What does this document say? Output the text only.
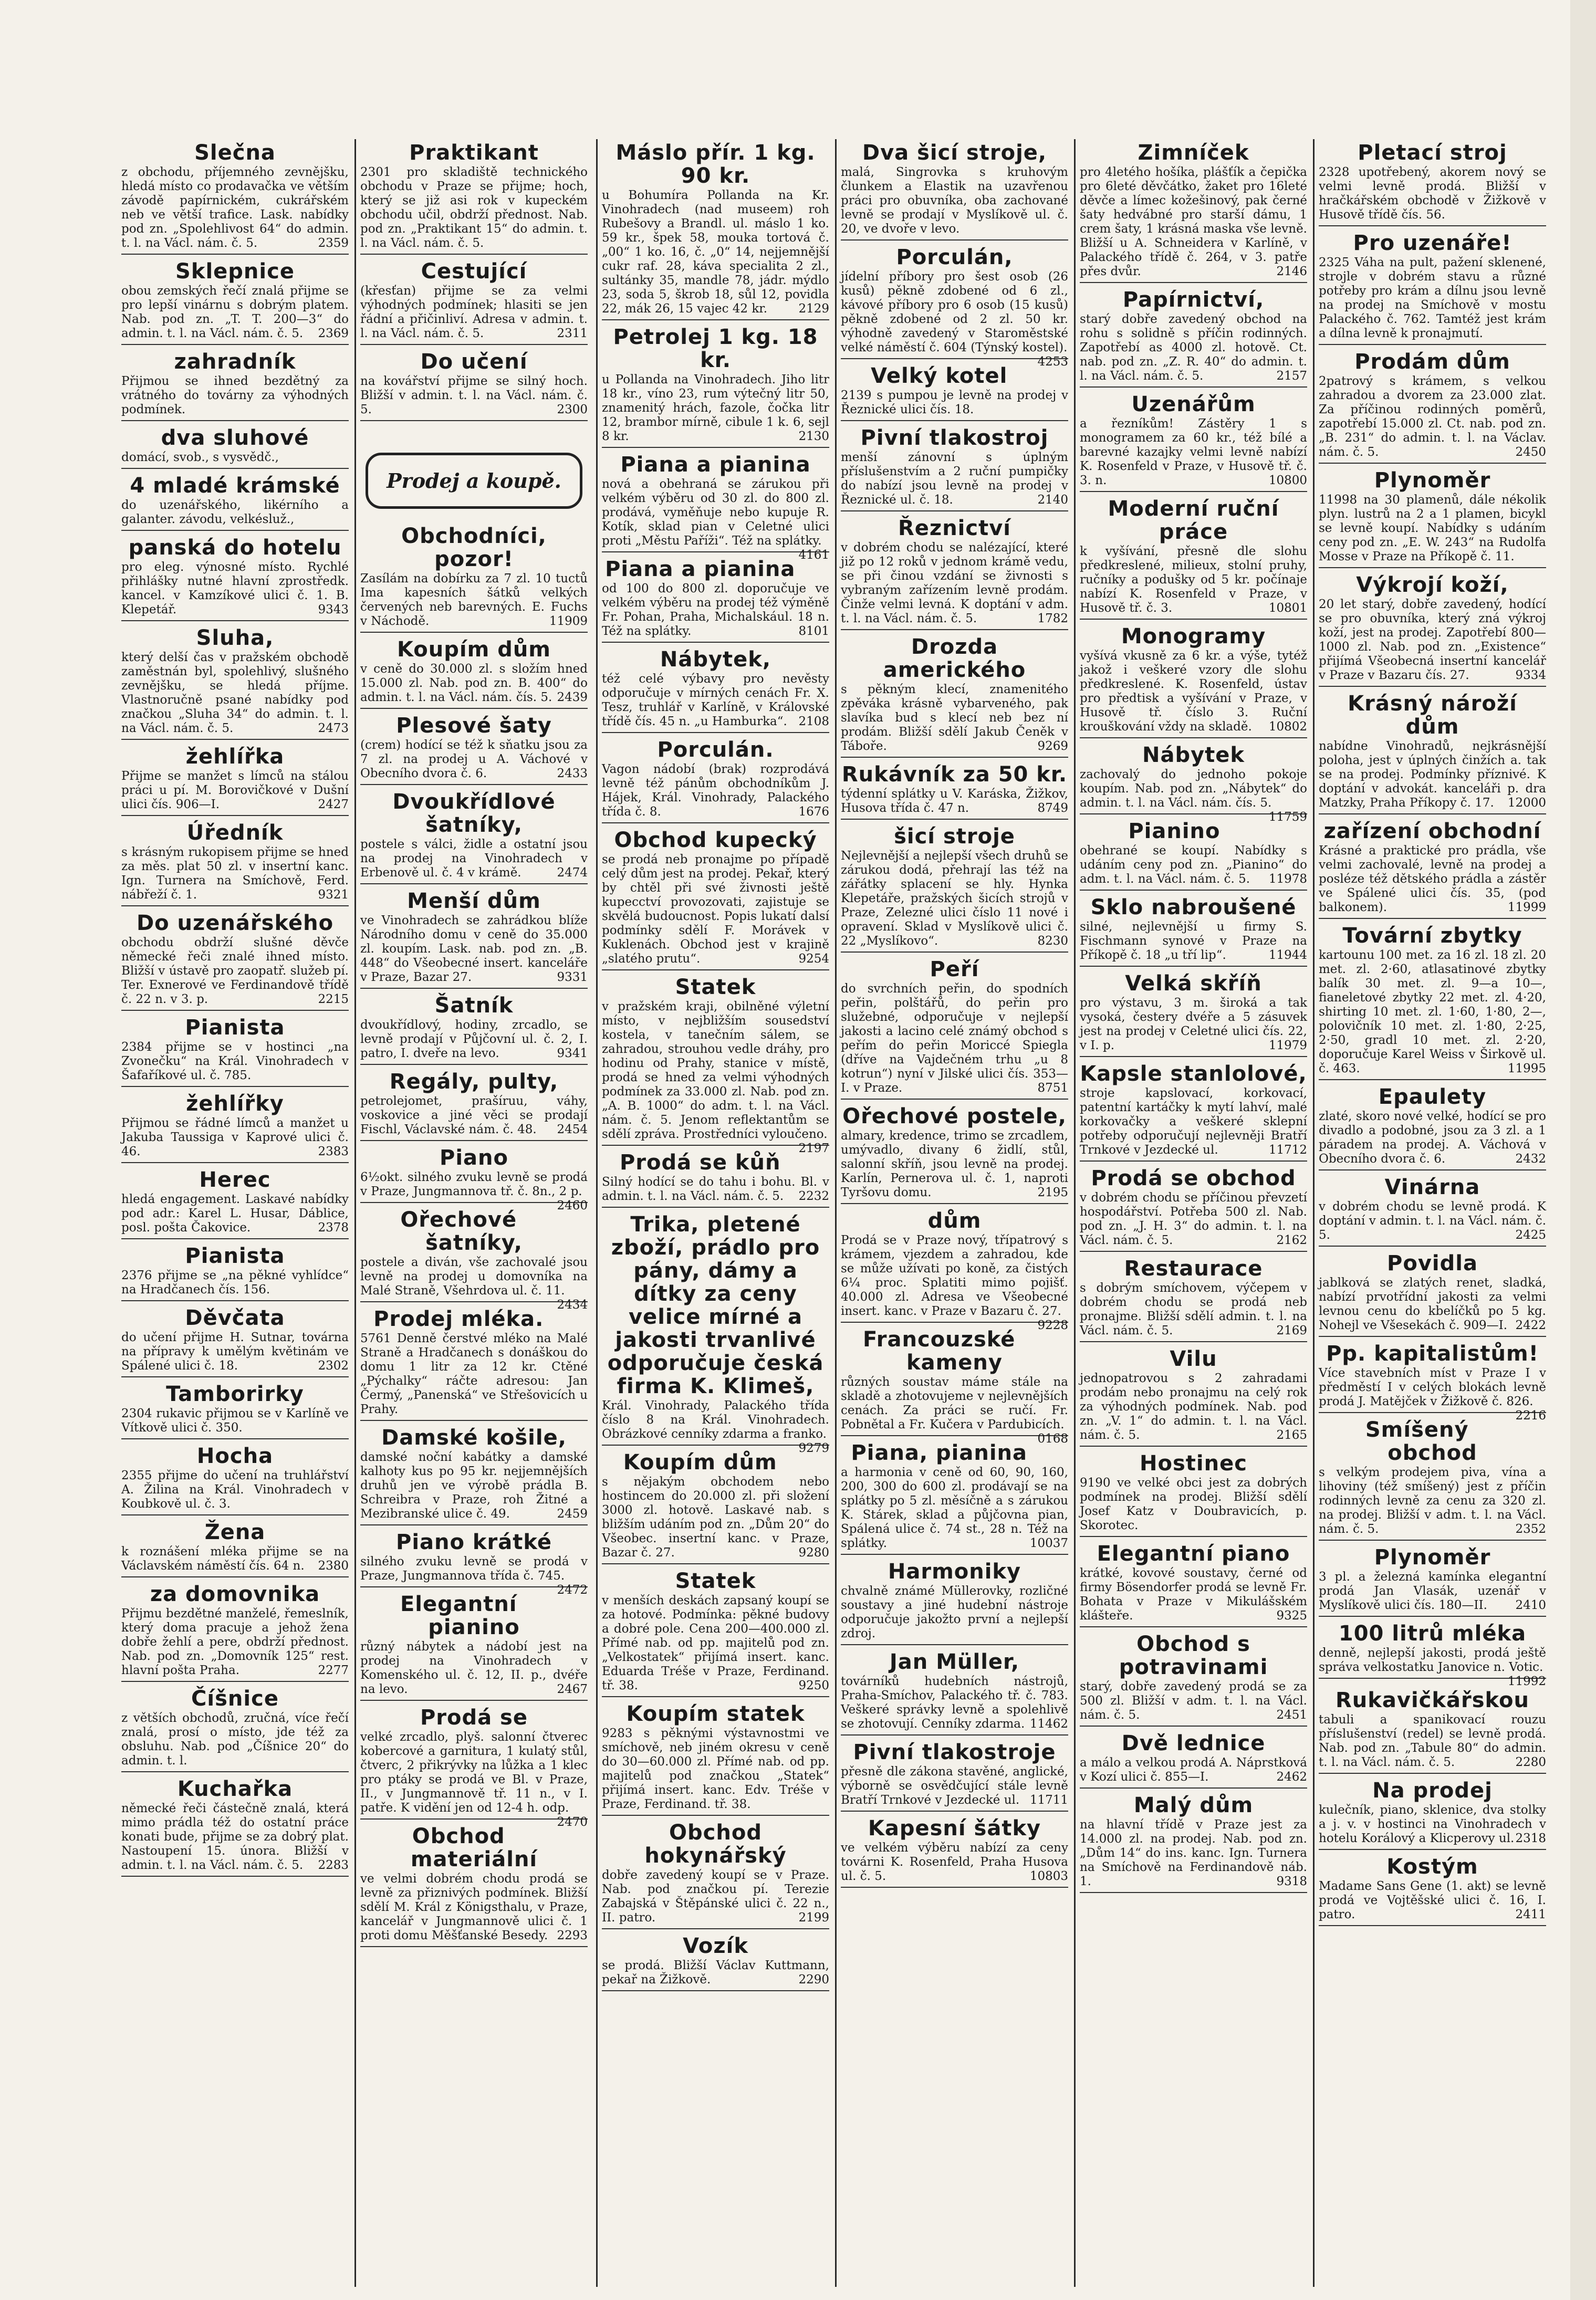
Slečna

z obchodu, příjemného zevnějšku, hledá místo co prodavačka ve větším závodě papírnickém, cukrářském neb ve větší trafice. Lask. nabídky pod zn. „Spolehlivost 64“ do admin. t. l. na Václ. nám. č. 5.	2359

Sklepnice

obou zemských řečí znalá přijme se pro lepší vinárnu s dobrým platem. Nab. pod zn. „T. T. 200—3“ do admin. t. l. na Václ. nám. č. 5. 2369

zahradník

Přijmou se ihned bezdětný za vrátného do továrny za výhodných podmínek.

dva sluhové

domácí, svob., s vysvědč.,

4 mladé krámské

do uzenářského, likérního a galanter. závodu, velkésluž.,

panská do hotelu

pro eleg. výnosné místo. Rychlé přihlášky nutné hlavní zprostředk. kancel. v Kamzíkové ulici č. 1. B. Klepetář.	9343

Sluha,

který delší čas v pražském obchodě zaměstnán byl, spolehlivý, slušného zevnějšku, se hledá příjme. Vlastnoručně psané nabídky pod značkou „Sluha 34“ do admin. t. l. na Václ. nám. č. 5.	2473

žehlířka

Přijme se manžet s límců na stálou práci u pí. M. Borovičkové v Dušní ulici čís. 906—I.	2427

Úředník

s krásným rukopisem přijme se hned za měs. plat 50 zl. v insertní kanc. Ign. Turnera na Smíchově, Ferd. nábřeží č. 1.	9321

Do uzenářského

obchodu obdrží slušné děvče německé řeči znalé ihned místo. Bližší v ústavě pro zaopatř. služeb pí. Ter. Exnerové ve Ferdinandově třídě č. 22 n. v 3. p.	2215

Pianista

2384 přijme se v hostinci „na Zvonečku“ na Král. Vinohradech v Šafaříkové ul. č. 785.

žehlířky

Přijmou se řádné límců a manžet u Jakuba Taussiga v Kaprové ulici č. 46.	2383

Herec

hledá engagement. Laskavé nabídky pod adr.: Karel L. Husar, Dáblice, posl. pošta Čakovice.	2378

Pianista

2376 přijme se „na pěkné vyhlídce“ na Hradčanech čís. 156.

Děvčata

do učení přijme H. Sutnar, továrna na přípravy k umělým květinám ve Spálené ulici č. 18.	2302

Tamborirky

2304 rukavic přijmou se v Karlíně ve Vítkově ulici č. 350.

Hocha

2355 přijme do učení na truhlářství A. Žilina na Král. Vinohradech v Koubkově ul. č. 3.

Žena

k roznášení mléka přijme se na Václavském náměstí čís. 64 n. 2380

za domovnika

Přijmu bezdětné manželé, řemeslník, který doma pracuje a jehož žena dobře žehlí a pere, obdrží přednost. Nab. pod zn. „Domovník 125“ rest. hlavní pošta Praha.	2277

Číšnice

z větších obchodů, zručná, více řečí znalá, prosí o místo, jde též za obsluhu. Nab. pod „Číšnice 20“ do admin. t. l.

Kuchařka

německé řeči částečně znalá, která mimo prádla též do ostatní práce konati bude, přijme se za dobrý plat. Nastoupení 15. února. Bližší v admin. t. l. na Václ. nám. č. 5. 2283

Praktikant

2301 pro skladiště technického obchodu v Praze se přijme; hoch, který se již asi rok v kupeckém obchodu učil, obdrží přednost. Nab. pod zn. „Praktikant 15“ do admin. t. l. na Václ. nám. č. 5.

Cestující

(křesťan) přijme se za velmi výhodných podmínek; hlasiti se jen řádní a přičinliví. Adresa v admin. t. l. na Václ. nám. č. 5.	2311

Do učení

na kovářství přijme se silný hoch. Bližší v admin. t. l. na Václ. nám. č. 5.	2300

Prodej a koupě.
Obchodníci, pozor!

Zasílám na dobírku za 7 zl. 10 tuctů Ima kapesních šátků velkých červených neb barevných. E. Fuchs v Náchodě.	11909

Koupím dům

v ceně do 30.000 zl. s složím hned 15.000 zl. Nab. pod zn. B. 400“ do admin. t. l. na Václ. nám. čís. 5. 2439

Plesové šaty

(crem) hodící se též k sňatku jsou za 7 zl. na prodej u A. Váchové v Obecního dvora č. 6.	2433

Dvoukřídlové šatníky,

postele s válci, židle a ostatní jsou na prodej na Vinohradech v Erbenově ul. č. 4 v krámě.	2474

Menší dům

ve Vinohradech se zahrádkou blíže Národního domu v ceně do 35.000 zl. koupím. Lask. nab. pod zn. „B. 448“ do Všeobecné insert. kanceláře v Praze, Bazar 27.	9331

Šatník

dvoukřídlový, hodiny, zrcadlo, se levně prodají v Půjčovní ul. č. 2, I. patro, I. dveře na levo.	9341

Regály, pulty,

petrolejomet, prašíruu, váhy, voskovice a jiné věci se prodají Fischl, Václavské nám. č. 48. 2454

Piano

6½okt. silného zvuku levně se prodá v Praze, Jungmannova tř. č. 8n., 2 p.
2460

Ořechové šatníky,

postele a diván, vše zachovalé jsou levně na prodej u domovníka na Malé Straně, Všehrdova ul. č. 11.
2434

Prodej mléka.

5761 Denně čerstvé mléko na Malé Straně a Hradčanech s donáškou do domu 1 litr za 12 kr. Ctěné „Pýchalky“ ráčte adresou: Jan Čermý, „Panenská“ ve Střešovicích u Prahy.

Damské košile,

damské noční kabátky a damské kalhoty kus po 95 kr. nejjemnějších druhů jen ve výrobě prádla B. Schreibra v Praze, roh Žitné a Mezibranské ulice č. 49.	2459

Piano krátké

silného zvuku levně se prodá v Praze, Jungmannova třída č. 745.
2472

Elegantní pianino

různý nábytek a nádobí jest na prodej na Vinohradech v Komenského ul. č. 12, II. p., dvéře na levo.	2467

Prodá se

velké zrcadlo, plyš. salonní čtverec kobercové a garnitura, 1 kulatý stůl, čtverc, 2 přikrývky na lůžka a 1 klec pro ptáky se prodá ve Bl. v Praze, II., v Jungmannově tř. 11 n., v I. patře. K vidění jen od 12-4 h. odp.
2470

Obchod materiální

ve velmi dobrém chodu prodá se levně za přiznivých podmínek. Bližší sdělí M. Král z Königsthalu, v Praze, kancelář v Jungmannově ulici č. 1 proti domu Měšťanské Besedy. 2293

Máslo přír. 1 kg. 90 kr.

u Bohumíra Pollanda na Kr. Vinohradech (nad museem) roh Rubešovy a Brandl. ul. máslo 1 ko. 59 kr., špek 58, mouka tortová č. „00“ 1 ko. 16, č. „0“ 14, nejjemnější cukr raf. 28, káva specialita 2 zl., sultánky 35, mandle 78, jádr. mýdlo 23, soda 5, škrob 18, sůl 12, povidla 22, mák 26, 15 vajec 42 kr.	2129

Petrolej 1 kg. 18 kr.

u Pollanda na Vinohradech. Jiho litr 18 kr., víno 23, rum výtečný litr 50, znamenitý hrách, fazole, čočka litr 12, brambor mírně, cibule 1 k. 6, sejl 8 kr.	2130

Piana a pianina

nová a obehraná se zárukou při velkém výběru od 30 zl. do 800 zl. prodává, vyměňuje nebo kupuje R. Kotík, sklad pian v Celetné ulici proti „Městu Paříži“. Též na splátky.
4161

Piana a pianina

od 100 do 800 zl. doporučuje ve velkém výběru na prodej též výměně Fr. Pohan, Praha, Michalskául. 18 n. Též na splátky.	8101

Nábytek,

též celé výbavy pro nevěsty odporučuje v mírných cenách Fr. X. Tesz, truhlář v Karlíně, v Královské třídě čís. 45 n. „u Hamburka“. 2108

Porculán.

Vagon nádobí (brak) rozprodává levně též pánům obchodníkům J. Hájek, Král. Vinohrady, Palackého třída č. 8.	1676

Obchod kupecký

se prodá neb pronajme po případě celý dům jest na prodej. Pekař, který by chtěl při své živnosti ještě kupecctví provozovati, zajistuje se skvělá budoucnost. Popis lukatí dalsí podmínky sdělí F. Morávek v Kuklenách. Obchod jest v krajině „slatého prutu“.	9254

Statek

v pražském kraji, obilněné výletní místo, v nejbližším sousedství kostela, v tanečním sálem, se zahradou, strouhou vedle dráhy, pro hodinu od Prahy, stanice v místě, prodá se hned za velmi výhodných podmínek za 33.000 zl. Nab. pod zn. „A. B. 1000“ do adm. t. l. na Václ. nám. č. 5. Jenom reflektantům se sdělí zpráva. Prostředníci vyloučeno.
2197

Prodá se kůň

Silný hodící se do tahu i bohu. Bl. v admin. t. l. na Václ. nám. č. 5. 2232

Trika, pletené zboží, prádlo pro pány, dámy a dítky za ceny velice mírné a jakosti trvanlivé odporučuje česká firma K. Klimeš,

Král. Vinohrady, Palackého třída číslo 8 na Král. Vinohradech. Obrázkové cenníky zdarma a franko.
9279

Koupím dům

s nějakým obchodem nebo hostincem do 20.000 zl. při složení 3000 zl. hotově. Laskavé nab. s bližším udáním pod zn. „Dům 20“ do Všeobec. insertní kanc. v Praze, Bazar č. 27.	9280

Statek

v menších deskách zapsaný koupí se za hotové. Podmínka: pěkné budovy a dobré pole. Cena 200—400.000 zl. Přímé nab. od pp. majitelů pod zn. „Velkostatek“ přijímá insert. kanc. Eduarda Tréše v Praze, Ferdinand. tř. 38.	9250

Koupím statek

9283 s pěknými výstavnostmi ve smíchově, neb jiném okresu v ceně do 30—60.000 zl. Přímé nab. od pp. majitelů pod značkou „Statek“ přijímá insert. kanc. Edv. Tréše v Praze, Ferdinand. tř. 38.

Obchod hokynářský

dobře zavedený koupí se v Praze. Nab. pod značkou pí. Terezie Zabajská v Štěpánské ulici č. 22 n., II. patro.	2199

Vozík

se prodá. Bližší Václav Kuttmann, pekař na Žižkově.	2290

Dva šicí stroje,

malá, Singrovka s kruhovým člunkem a Elastik na uzavřenou práci pro obuvníka, oba zachované levně se prodají v Myslíkově ul. č. 20, ve dvoře v levo.

Porculán,

jídelní příbory pro šest osob (26 kusů) pěkně zdobené od 6 zl., kávové příbory pro 6 osob (15 kusů) pěkně zdobené od 2 zl. 50 kr. výhodně zavedený v Staroměstské velké náměstí č. 604 (Týnský kostel).
4253

Velký kotel

2139 s pumpou je levně na prodej v Řeznické ulici čís. 18.

Pivní tlakostroj

menší zánovní s úplným příslušenstvím a 2 ruční pumpičky do nabízí jsou levně na prodej v Řeznické ul. č. 18.	2140

Řeznictví

v dobrém chodu se nalézající, které již po 12 roků v jednom krámě vedu, se při činou vzdání se živnosti s vybraným zařízením levně prodám. Činže velmi levná. K doptání v adm. t. l. na Václ. nám. č. 5.	1782

Drozda amerického

s pěkným klecí, znamenitého zpěváka krásně vybarveného, pak slavíka bud s klecí neb bez ní prodám. Bližší sdělí Jakub Čeněk v Táboře.	9269

Rukávník za 50 kr.

týdenní splátky u V. Karáska, Žižkov, Husova třída č. 47 n.	8749

šicí stroje

Nejlevnější a nejlepší všech druhů se zárukou dodá, přehrají las též na zářátky splacení se hly. Hynka Klepetáře, pražských šicích strojů v Praze, Zelezné ulici číslo 11 nové i opravení. Sklad v Myslíkově ulici č. 22 „Myslíkovo“.	8230

Peří

do svrchních peřin, do spodních peřin, polštářů, do peřin pro služebné, odporučuje v nejlepší jakosti a lacino celé známý obchod s peřím do peřin Moriccé Spiegla (dříve na Vajdečném trhu „u 8 kotrun“) nyní v Jilské ulici čís. 353—I. v Praze.	8751

Ořechové postele,

almary, kredence, trimo se zrcadlem, umývadlo, divany 6 židlí, stůl, salonní skříň, jsou levně na prodej. Karlín, Pernerova ul. č. 1, naproti Tyršovu domu.	2195

dům

Prodá se v Praze nový, třípatrový s krámem, vjezdem a zahradou, kde se může užívati po koně, za čistých 6¼ proc. Splatiti mimo pojišť. 40.000 zl. Adresa ve Všeobecné insert. kanc. v Praze v Bazaru č. 27.
9228

Francouzské kameny

různých soustav máme stále na skladě a zhotovujeme v nejlevnějších cenách. Za práci se ručí. Fr. Pobnětal a Fr. Kučera v Pardubicích.
0168

Piana, pianina

a harmonia v ceně od 60, 90, 160, 200, 300 do 600 zl. prodávají se na splátky po 5 zl. měsíčně a s zárukou K. Stárek, sklad a půjčovna pian, Spálená ulice č. 74 st., 28 n. Též na splátky.	10037

Harmoniky

chvalně známé Müllerovky, rozličné soustavy a jiné hudební nástroje odporučuje jakožto první a nejlepší zdroj.

Jan Müller,

továrníků hudebních nástrojů, Praha-Smíchov, Palackého tř. č. 783. Veškeré správky levně a spolehlivě se zhotovují. Cenníky zdarma. 11462

Pivní tlakostroje

přesně dle zákona stavěné, anglické, výborně se osvědčující stále levně Bratří Trnkové v Jezdecké ul. 11711

Kapesní šátky

ve velkém výběru nabízí za ceny továrni K. Rosenfeld, Praha Husova ul. č. 5.	10803

Zimníček

pro 4letého hošíka, plášťík a čepička pro 6leté děvčátko, žaket pro 16leté děvče a límec kožešinový, pak černé šaty hedvábné pro starší dámu, 1 crem šaty, 1 krásná maska vše levně. Bližší u A. Schneidera v Karlíně, v Palackého třídě č. 264, v 3. patře přes dvůr.	2146

Papírnictví,

starý dobře zavedený obchod na rohu s solidně s příčin rodinných. Zapotřebí as 4000 zl. hotově. Ct. nab. pod zn. „Z. R. 40“ do admin. t. l. na Václ. nám. č. 5.	2157

Uzenářům

a řezníkům! Zástěry 1 s monogramem za 60 kr., též bílé a barevné kazajky velmi levně nabízí K. Rosenfeld v Praze, v Husově tř. č. 3. n.	10800

Moderní ruční práce

k vyšívání, přesně dle slohu předkreslené, milieux, stolní pruhy, ručníky a podušky od 5 kr. počínaje nabízí K. Rosenfeld v Praze, v Husově tř. č. 3.	10801

Monogramy

vyšívá vkusně za 6 kr. a výše, tytéž jakož i veškeré vzory dle slohu předkreslené. K. Rosenfeld, ústav pro předtisk a vyšívání v Praze, v Husově tř. číslo 3. Ruční krouškování vždy na skladě. 10802

Nábytek

zachovalý do jednoho pokoje koupím. Nab. pod zn. „Nábytek“ do admin. t. l. na Václ. nám. čís. 5.
11759

Pianino

obehrané se koupí. Nabídky s udáním ceny pod zn. „Pianino“ do adm. t. l. na Václ. nám. č. 5. 11978

Sklo nabroušené

silné, nejlevnější u firmy S. Fischmann synové v Praze na Příkopě č. 18 „u tří lip“.	11944

Velká skříň

pro výstavu, 3 m. široká a tak vysoká, čestery dvéře a 5 zásuvek jest na prodej v Celetné ulici čís. 22, v I. p.	11979

Kapsle stanlolové,

stroje kapslovací, korkovací, patentní kartáčky k mytí lahví, malé korkovačky a veškeré sklepní potřeby odporučují nejlevněji Bratří Trnkové v Jezdecké ul.	11712

Prodá se obchod

v dobrém chodu se příčinou převzetí hospodářství. Potřeba 500 zl. Nab. pod zn. „J. H. 3“ do admin. t. l. na Václ. nám. č. 5.	2162

Restaurace

s dobrým smíchovem, výčepem v dobrém chodu se prodá neb pronajme. Bližší sdělí admin. t. l. na Václ. nám. č. 5.	2169

Vilu

jednopatrovou s 2 zahradami prodám nebo pronajmu na celý rok za výhodných podmínek. Nab. pod zn. „V. 1“ do admin. t. l. na Václ. nám. č. 5.	2165

Hostinec

9190 ve velké obci jest za dobrých podmínek na prodej. Bližší sdělí Josef Katz v Doubravicích, p. Skorotec.

Elegantní piano

krátké, kovové soustavy, černé od firmy Bösendorfer prodá se levně Fr. Bohata v Praze v Mikulášském klášteře.	9325

Obchod s potravinami

starý, dobře zavedený prodá se za 500 zl. Bližší v adm. t. l. na Václ. nám. č. 5.	2451

Dvě lednice

a málo a velkou prodá A. Náprstková v Kozí ulici č. 855—I.	2462

Malý dům

na hlavní třídě v Praze jest za 14.000 zl. na prodej. Nab. pod zn. „Dům 14“ do ins. kanc. Ign. Turnera na Smíchově na Ferdinandově náb. 1.	9318

Pletací stroj

2328 upotřebený, akorem nový se velmi levně prodá. Bližší v hračkářském obchodě v Žižkově v Husově třídě čís. 56.

Pro uzenáře!

2325 Váha na pult, pažení sklenené, strojle v dobrém stavu a různé potřeby pro krám a dílnu jsou levně na prodej na Smíchově v mostu Palackého č. 762. Tamtéž jest krám a dílna levně k pronajmutí.

Prodám dům

2patrový s krámem, s velkou zahradou a dvorem za 23.000 zlat. Za příčinou rodinných poměrů, zapotřebí 15.000 zl. Ct. nab. pod zn. „B. 231“ do admin. t. l. na Václav. nám. č. 5.	2450

Plynoměr

11998 na 30 plamenů, dále nékolik plyn. lustrů na 2 a 1 plamen, bicykl se levně koupí. Nabídky s udáním ceny pod zn. „E. W. 243“ na Rudolfa Mosse v Praze na Příkopě č. 11.

Výkrojí koží,

20 let starý, dobře zavedený, hodící se pro obuvníka, který zná výkroj koží, jest na prodej. Zapotřebí 800—1000 zl. Nab. pod zn. „Existence“ přijímá Všeobecná insertní kancelář v Praze v Bazaru čís. 27.	9334

Krásný nároží dům

nabídne Vinohradů, nejkrásnější poloha, jest v úplných činžích a. tak se na prodej. Podmínky příznivé. K doptání v advokát. kanceláři p. dra Matzky, Praha Příkopy č. 17. 12000

zařízení obchodní

Krásné a praktické pro prádla, vše velmi zachovalé, levně na prodej a posléze též dětského prádla a zástěr ve Spálené ulici čís. 35, (pod balkonem).	11999

Tovární zbytky

kartounu 100 met. za 16 zl. 18 zl. 20 met. zl. 2·60, atlasatinové zbytky balík 30 met. zl. 9—a 10—, fianeletové zbytky 22 met. zl. 4·20, shirting 10 met. zl. 1·60, 1·80, 2—, polovičník 10 met. zl. 1·80, 2·25, 2·50, gradl 10 met. zl. 2·20, doporučuje Karel Weiss v Širkově ul. č. 463.	11995

Epaulety

zlaté, skoro nové velké, hodící se pro divadlo a podobné, jsou za 3 zl. a 1 páradem na prodej. A. Váchová v Obecního dvora č. 6.	2432

Vinárna

v dobrém chodu se levně prodá. K doptání v admin. t. l. na Václ. nám. č. 5.	2425

Povidla

jablková se zlatých renet, sladká, nabízí prvotřídní jakosti za velmi levnou cenu do kbelíčků po 5 kg. Nohejl ve Všesekách č. 909—I. 2422

Pp. kapitalistům!

Více stavebních míst v Praze I v předměstí I v celých blokách levně prodá J. Matějček v Žižkově č. 826.
2216

Smíšený obchod

s velkým prodejem piva, vína a lihoviny (též smíšený) jest z příčin rodinných levně za cenu za 320 zl. na prodej. Bližší v adm. t. l. na Václ. nám. č. 5.	2352

Plynoměr

3 pl. a železná kamínka elegantní prodá Jan Vlasák, uzenář v Myslíkově ulici čís. 180—II. 2410

100 litrů mléka

denně, nejlepší jakosti, prodá ještě správa velkostatku Janovice n. Votic.
11992

Rukavičkářskou

tabuli a spanikovací rouzu příslušenství (redel) se levně prodá. Nab. pod zn. „Tabule 80“ do admin. t. l. na Václ. nám. č. 5.	2280

Na prodej

kulečník, piano, sklenice, dva stolky a j. v. v hostinci na Vinohradech v hotelu Korálový a Klicperovy ul. 2318

Kostým

Madame Sans Gene (1. akt) se levně prodá ve Vojtěšské ulici č. 16, I. patro.	2411
